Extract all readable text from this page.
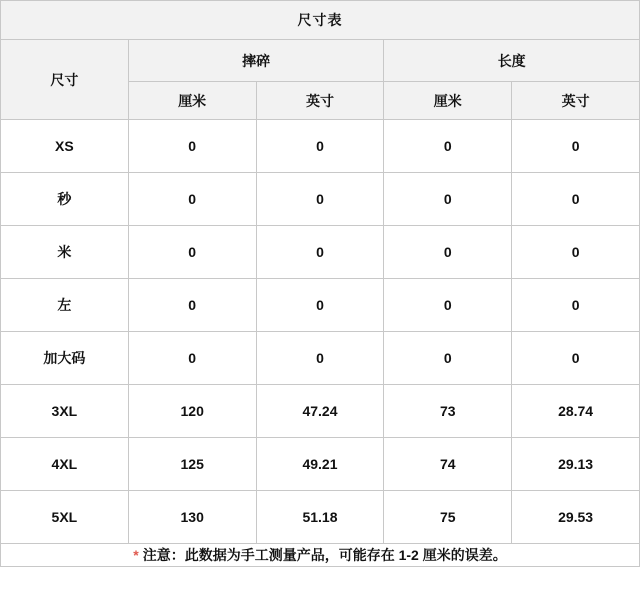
尺寸表				
尺寸	摔碎		长度	
	厘米	英寸	厘米	英寸
XS	0	0	0	0
秒	0	0	0	0
米	0	0	0	0
左	0	0	0	0
加大码	0	0	0	0
3XL	120	47.24	73	28.74
4XL	125	49.21	74	29.13
5XL	130	51.18	75	29.53
* 注意：此数据为手工测量产品，可能存在 1-2 厘米的误差。				
